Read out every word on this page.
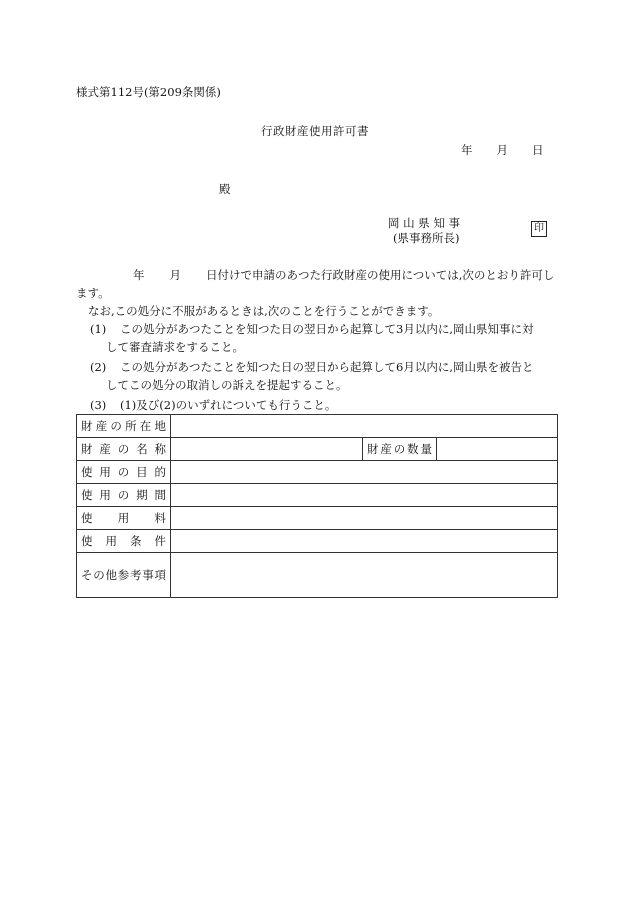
様式第112号(第209条関係)
行政財産使用許可書
年 月 日
殿
岡 山 県 知 事
(県事務所長)
印
年 月 日付けで申請のあつた行政財産の使用については,次のとおり許可します。
なお,この処分に不服があるときは,次のことを行うことができます。
(1)	この処分があつたことを知つた日の翌日から起算して3月以内に,岡山県知事に対
して審査請求をすること。
(2)	この処分があつたことを知つた日の翌日から起算して6月以内に,岡山県を被告と
してこの処分の取消しの訴えを提起すること。
(3)	(1)及び(2)のいずれについても行うこと。
財産の所在地			
財産の名称		財産の数量	
使用の目的			
使用の期間			
使用料			
使用条件			
その他参考事項			
